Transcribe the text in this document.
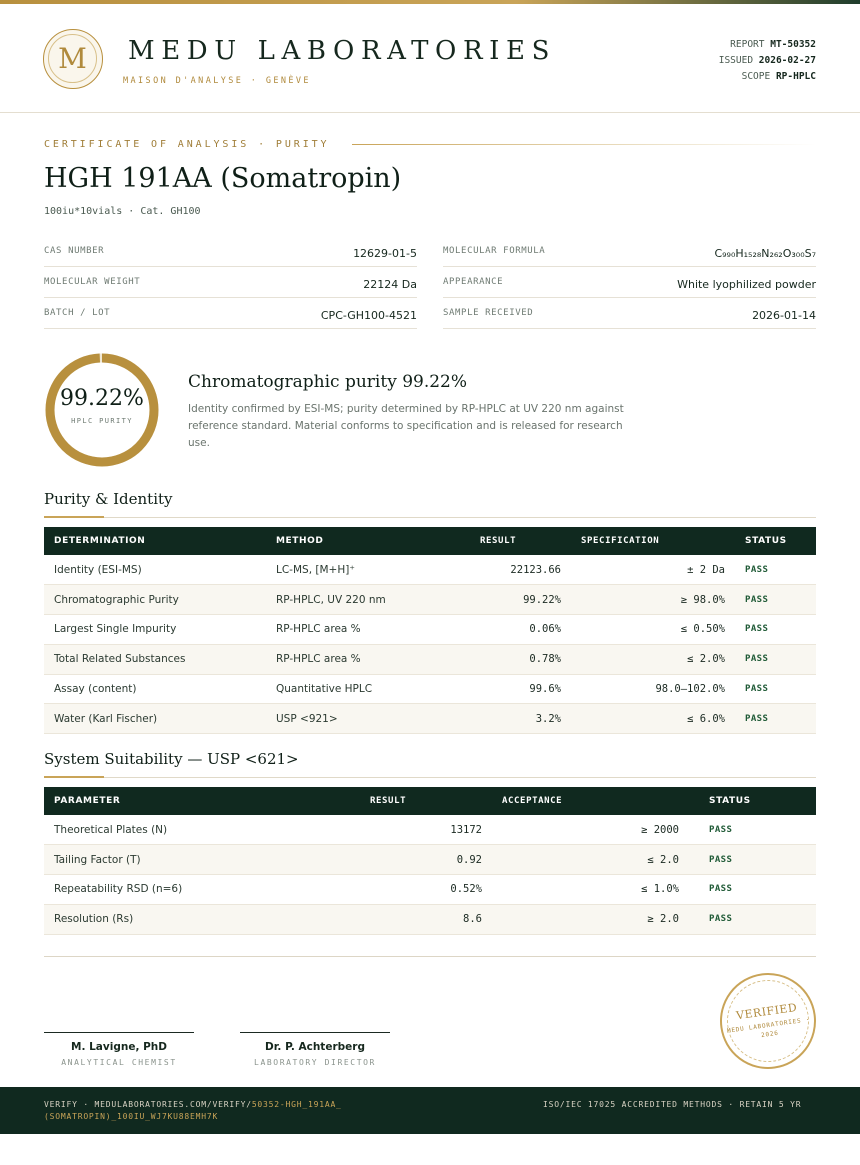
M	MEDU LABORATORIES
MAISON D'ANALYSE · GENÈVE
REPORT MT-50352
ISSUED 2026-02-27
SCOPE RP-HPLC
CERTIFICATE OF ANALYSIS · PURITY
HGH 191AA (Somatropin)
100iu*10vials · Cat. GH100
CAS NUMBER	12629-01-5	MOLECULAR FORMULA	C₉₉₀H₁₅₂₈N₂₆₂O₃₀₀S₇
MOLECULAR WEIGHT	22124 Da	APPEARANCE	White lyophilized powder
BATCH / LOT	CPC-GH100-4521	SAMPLE RECEIVED	2026-01-14
99.22%
HPLC PURITY
Chromatographic purity 99.22%
Identity confirmed by ESI-MS; purity determined by RP-HPLC at UV 220 nm against reference standard. Material conforms to specification and is released for research use.
Purity & Identity
DETERMINATION	METHOD	RESULT	SPECIFICATION	STATUS
Identity (ESI-MS)	LC-MS, [M+H]⁺	22123.66	± 2 Da	PASS
Chromatographic Purity	RP-HPLC, UV 220 nm	99.22%	≥ 98.0%	PASS
Largest Single Impurity	RP-HPLC area %	0.06%	≤ 0.50%	PASS
Total Related Substances	RP-HPLC area %	0.78%	≤ 2.0%	PASS
Assay (content)	Quantitative HPLC	99.6%	98.0–102.0%	PASS
Water (Karl Fischer)	USP <921>	3.2%	≤ 6.0%	PASS
System Suitability — USP <621>
PARAMETER	RESULT	ACCEPTANCE	STATUS
Theoretical Plates (N)	13172	≥ 2000	PASS
Tailing Factor (T)	0.92	≤ 2.0	PASS
Repeatability RSD (n=6)	0.52%	≤ 1.0%	PASS
Resolution (Rs)	8.6	≥ 2.0	PASS
M. Lavigne, PhD
ANALYTICAL CHEMIST
Dr. P. Achterberg
LABORATORY DIRECTOR
VERIFIED
MEDU LABORATORIES · 2026
VERIFY · MEDULABORATORIES.COM/VERIFY/50352-HGH_191AA_(SOMATROPIN)_100IU_WJ7KU88EMH7K
ISO/IEC 17025 ACCREDITED METHODS · RETAIN 5 YR
